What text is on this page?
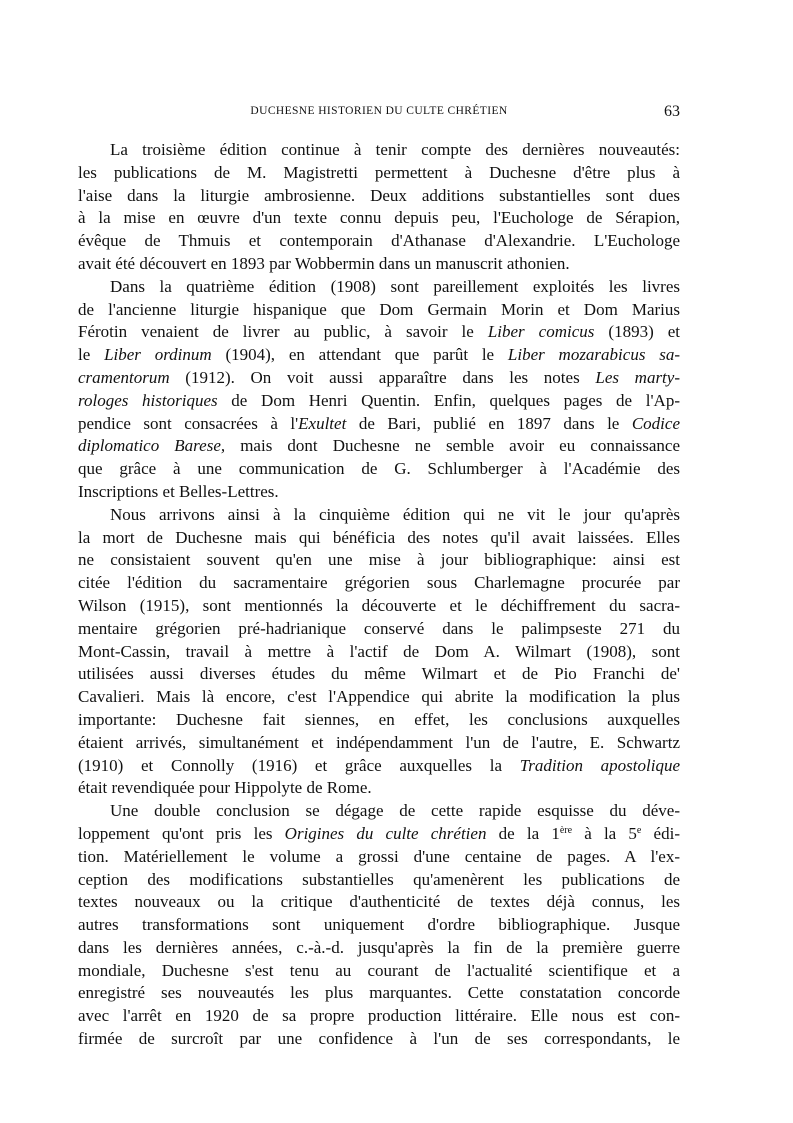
DUCHESNE HISTORIEN DU CULTE CHRÉTIEN	63
La troisième édition continue à tenir compte des dernières nouveautés:
les publications de M. Magistretti permettent à Duchesne d'être plus à
l'aise dans la liturgie ambrosienne. Deux additions substantielles sont dues
à la mise en œuvre d'un texte connu depuis peu, l'Euchologe de Sérapion,
évêque de Thmuis et contemporain d'Athanase d'Alexandrie. L'Euchologe
avait été découvert en 1893 par Wobbermin dans un manuscrit athonien.
Dans la quatrième édition (1908) sont pareillement exploités les livres
de l'ancienne liturgie hispanique que Dom Germain Morin et Dom Marius
Férotin venaient de livrer au public, à savoir le Liber comicus (1893) et
le Liber ordinum (1904), en attendant que parût le Liber mozarabicus sa-
cramentorum (1912). On voit aussi apparaître dans les notes Les marty-
rologes historiques de Dom Henri Quentin. Enfin, quelques pages de l'Ap-
pendice sont consacrées à l'Exultet de Bari, publié en 1897 dans le Codice
diplomatico Barese, mais dont Duchesne ne semble avoir eu connaissance
que grâce à une communication de G. Schlumberger à l'Académie des
Inscriptions et Belles-Lettres.
Nous arrivons ainsi à la cinquième édition qui ne vit le jour qu'après
la mort de Duchesne mais qui bénéficia des notes qu'il avait laissées. Elles
ne consistaient souvent qu'en une mise à jour bibliographique: ainsi est
citée l'édition du sacramentaire grégorien sous Charlemagne procurée par
Wilson (1915), sont mentionnés la découverte et le déchiffrement du sacra-
mentaire grégorien pré-hadrianique conservé dans le palimpseste 271 du
Mont-Cassin, travail à mettre à l'actif de Dom A. Wilmart (1908), sont
utilisées aussi diverses études du même Wilmart et de Pio Franchi de'
Cavalieri. Mais là encore, c'est l'Appendice qui abrite la modification la plus
importante: Duchesne fait siennes, en effet, les conclusions auxquelles
étaient arrivés, simultanément et indépendamment l'un de l'autre, E. Schwartz
(1910) et Connolly (1916) et grâce auxquelles la Tradition apostolique
était revendiquée pour Hippolyte de Rome.
Une double conclusion se dégage de cette rapide esquisse du déve-
loppement qu'ont pris les Origines du culte chrétien de la 1ère à la 5e édi-
tion. Matériellement le volume a grossi d'une centaine de pages. A l'ex-
ception des modifications substantielles qu'amenèrent les publications de
textes nouveaux ou la critique d'authenticité de textes déjà connus, les
autres transformations sont uniquement d'ordre bibliographique. Jusque
dans les dernières années, c.-à.-d. jusqu'après la fin de la première guerre
mondiale, Duchesne s'est tenu au courant de l'actualité scientifique et a
enregistré ses nouveautés les plus marquantes. Cette constatation concorde
avec l'arrêt en 1920 de sa propre production littéraire. Elle nous est con-
firmée de surcroît par une confidence à l'un de ses correspondants, le
